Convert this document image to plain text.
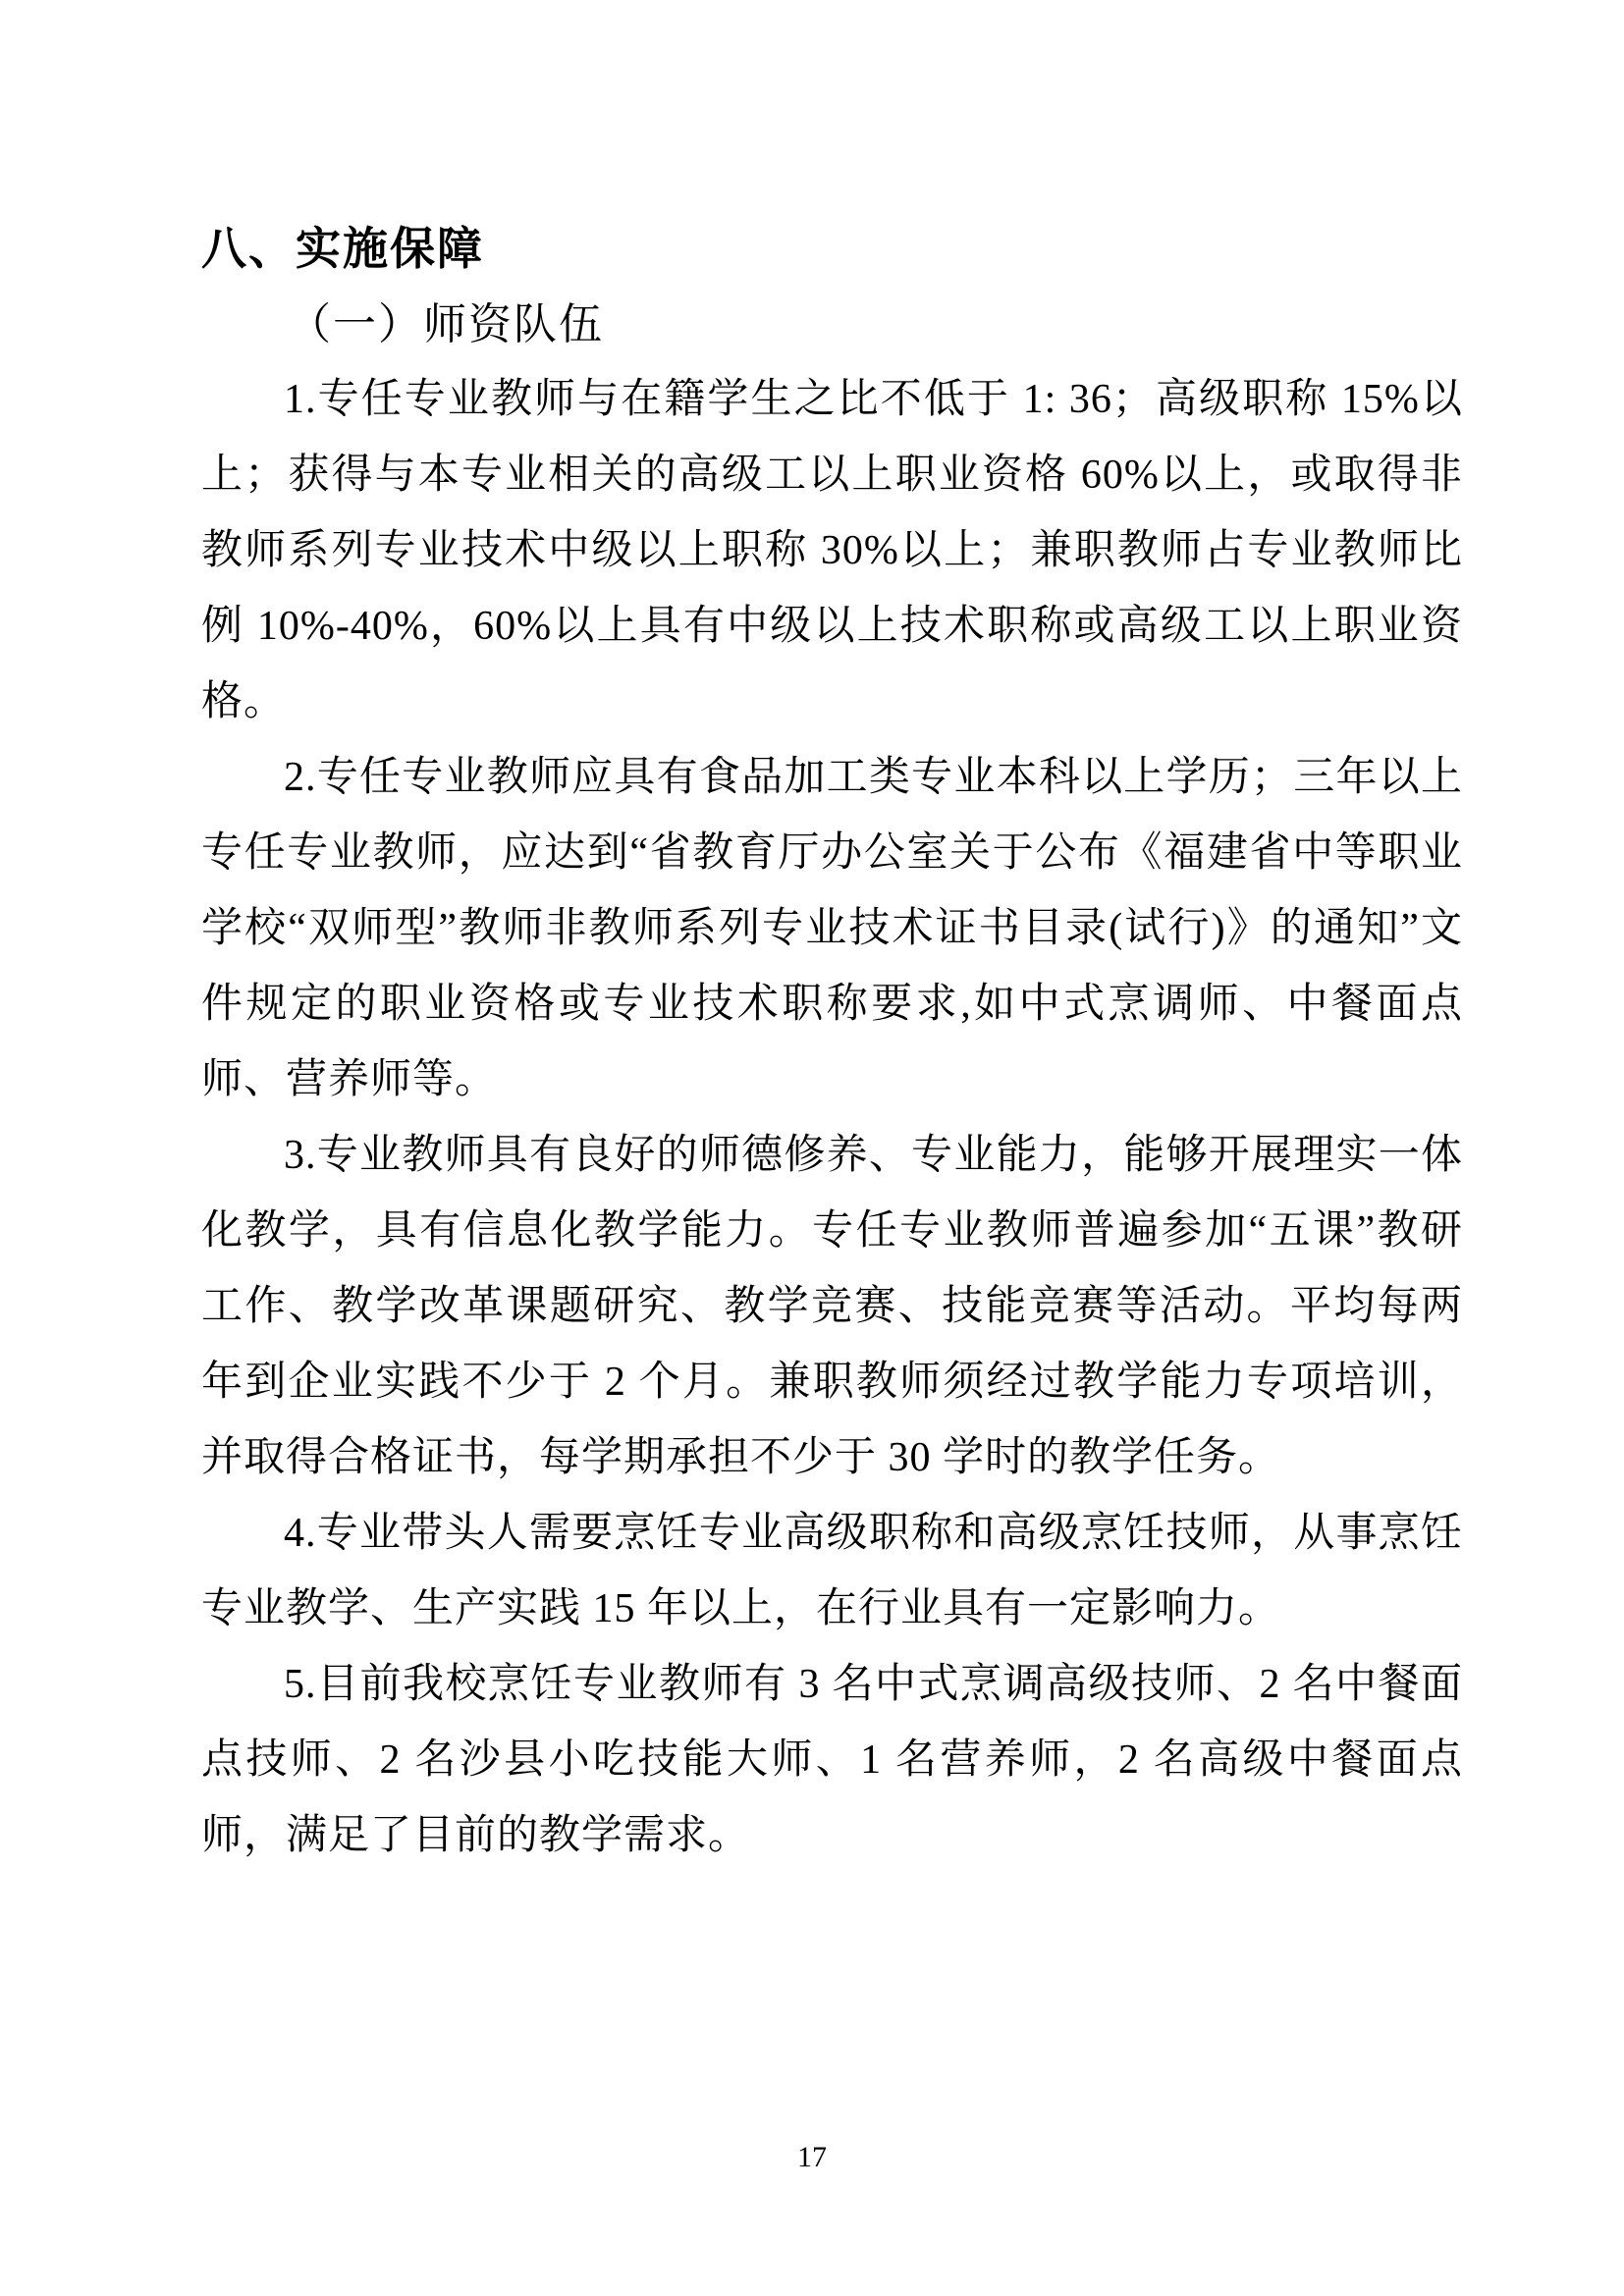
八、实施保障
（一）师资队伍

1.专任专业教师与在籍学生之比不低于 1: 36；高级职称 15%以上；获得与本专业相关的高级工以上职业资格 60%以上，或取得非教师系列专业技术中级以上职称 30%以上；兼职教师占专业教师比例 10%-40%，60%以上具有中级以上技术职称或高级工以上职业资格。

2.专任专业教师应具有食品加工类专业本科以上学历；三年以上专任专业教师，应达到“省教育厅办公室关于公布《福建省中等职业学校“双师型”教师非教师系列专业技术证书目录(试行)》的通知”文件规定的职业资格或专业技术职称要求,如中式烹调师、中餐面点师、营养师等。

3.专业教师具有良好的师德修养、专业能力，能够开展理实一体化教学，具有信息化教学能力。专任专业教师普遍参加“五课”教研工作、教学改革课题研究、教学竞赛、技能竞赛等活动。平均每两年到企业实践不少于 2 个月。兼职教师须经过教学能力专项培训，并取得合格证书，每学期承担不少于 30 学时的教学任务。

4.专业带头人需要烹饪专业高级职称和高级烹饪技师，从事烹饪专业教学、生产实践 15 年以上，在行业具有一定影响力。

5.目前我校烹饪专业教师有 3 名中式烹调高级技师、2 名中餐面点技师、2 名沙县小吃技能大师、1 名营养师，2 名高级中餐面点师，满足了目前的教学需求。

17
